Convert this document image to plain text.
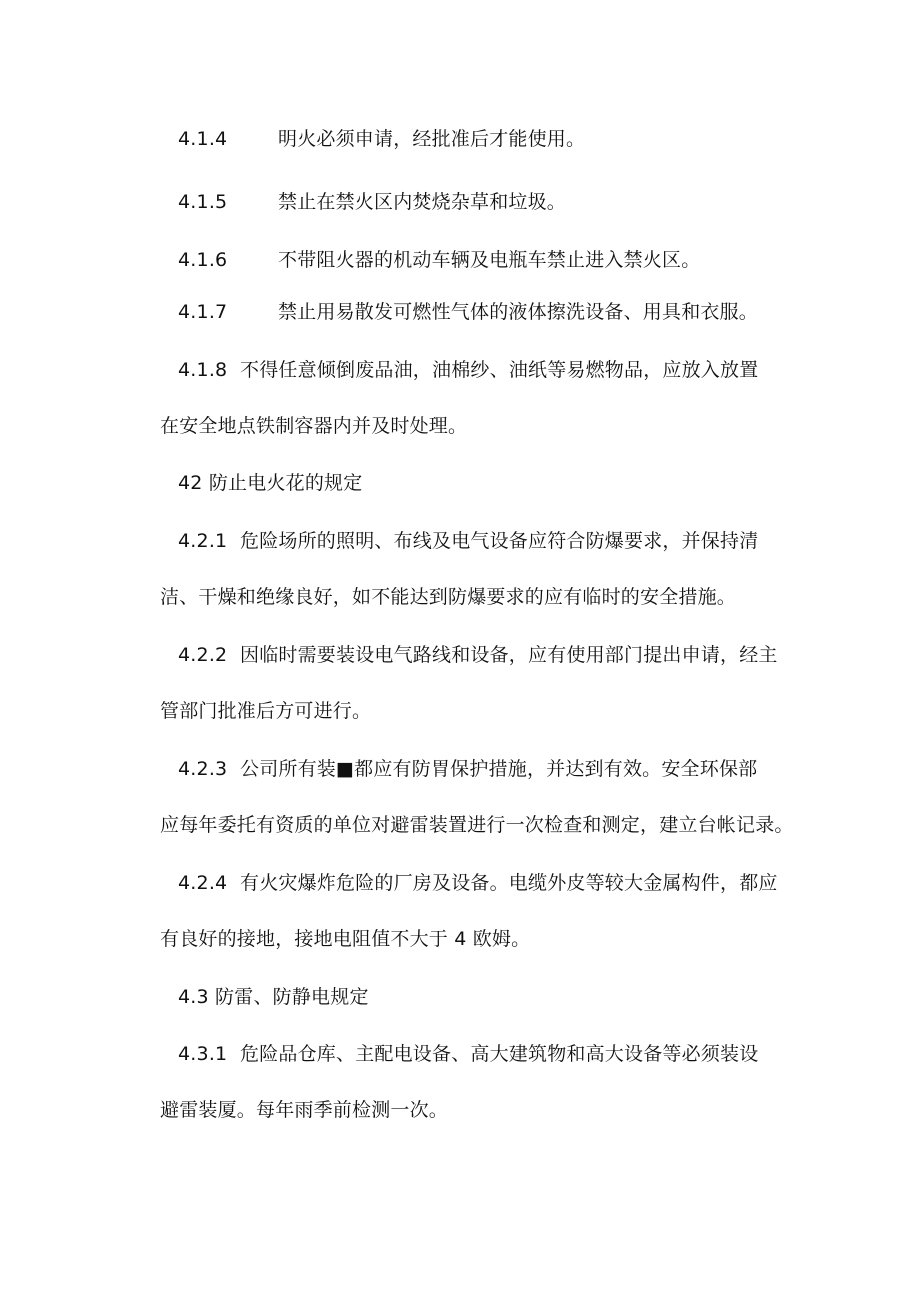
4.1.4	明火必须申请，经批准后才能使用。
4.1.5	禁止在禁火区内焚烧杂草和垃圾。
4.1.6	不带阻火器的机动车辆及电瓶车禁止进入禁火区。
4.1.7	禁止用易散发可燃性气体的液体擦洗设备、用具和衣服。
4.1.8 不得任意倾倒废品油，油棉纱、油纸等易燃物品，应放入放置
在安全地点铁制容器内并及时处理。
42 防止电火花的规定
4.2.1 危险场所的照明、布线及电气设备应符合防爆要求，并保持清
洁、干燥和绝缘良好，如不能达到防爆要求的应有临时的安全措施。
4.2.2 因临时需要装设电气路线和设备，应有使用部门提出申请，经主
管部门批准后方可进行。
4.2.3 公司所有装■都应有防胃保护措施，并达到有效。安全环保部
应每年委托有资质的单位对避雷装置进行一次检查和测定，建立台帐记录。
4.2.4 有火灾爆炸危险的厂房及设备。电缆外皮等较大金属构件，都应
有良好的接地，接地电阻值不大于 4 欧姆。
4.3 防雷、防静电规定
4.3.1 危险品仓库、主配电设备、高大建筑物和高大设备等必须装设
避雷装厦。每年雨季前检测一次。
